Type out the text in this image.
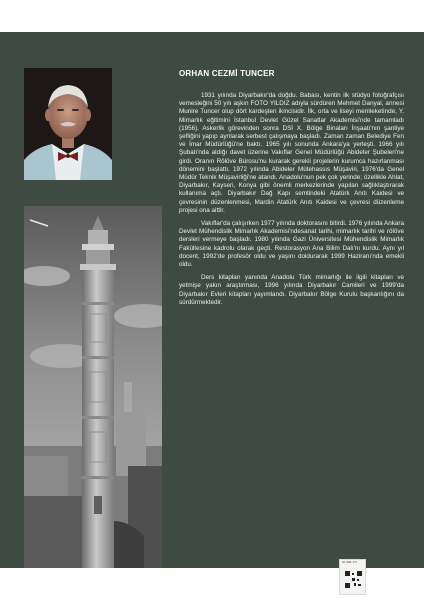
ORHAN CEZMİ TUNCER

1931 yılında Diyarbakır'da doğdu. Babası, kentin ilk stüdyo fotoğrafçısı vemesleğini 50 yılı aşkın FOTO YILDIZ adıyla sürdüren Mehmet Danyal, annesi Munire Tuncer olup dört kardeşten ikincisidir. İlk, orta ve liseyi memleketinde, Y. Mimarlık eğitimini İstanbul Devlet Güzel Sanatlar Akademisi'nde tamamladı (1956). Askerlik görevinden sonra DSİ X. Bölge Binaları İnşaatı'nın şantiye şefliğini yapıp ayrılarak serbest çalışmaya başladı. Zaman zaman Belediye Fen ve İmar Müdürlüğü'ne baktı. 1965 yılı sonunda Ankara'ya yerleşti. 1966 yılı Şubatı'nda aldığı davet üzerine Vakıflar Genel Müdürlüğü Abideler Şubeleri'ne girdi. Oranın Rölöve Bürosu'nu kurarak gerekli projelerin kurumca hazırlanması dönemini başlattı. 1972 yılında Abideler Mütehassıs Müşaviri, 1976'da Genel Müdür Teknik Müşavirliği'ne atandı. Anadolu'nun pek çok yerinde; özellikle Ahlat, Diyarbakır, Kayseri, Konya gibi önemli merkezlerinde yapılan sağlıklaştırarak kullanıma açtı. Diyarbakır Dağ Kapı semtindeki Atatürk Anıtı Kaidesi ve çevresinin düzenlenmesi, Mardin Atatürk Anıtı Kaidesi ve çevresi düzenleme projesi ona aittir.

Vakıflar'da çalışırken 1977 yılında doktorasını bitirdi. 1976 yılında Ankara Devlet Mühendislik Mimarlık Akademisi'ndesanat tarihi, mimarlık tarihi ve rölöve dersleri vermeye başladı. 1980 yılında Gazi Üniversitesi Mühendislik Mimarlık Fakültesine kadrolu olarak geçti. Restorasyon Ana Bilim Dalı'nı kurdu. Aynı yıl docent, 1992'de profesör oldu ve yaşını doldurarak 1999 Haziranı'nda emekli oldu.

Ders kitapları yanında Anadolu Türk mimarlığı ile ilgili kitapları ve yetmişe yakın araştırması, 1996 yılında Diyarbakır Camileri ve 1999'da Diyarbakır Evleri kitapları yayımlandı. Diyarbakır Bölge Kurulu başkanlığını da sürdürmektedir.

1D-DB0-2YL
